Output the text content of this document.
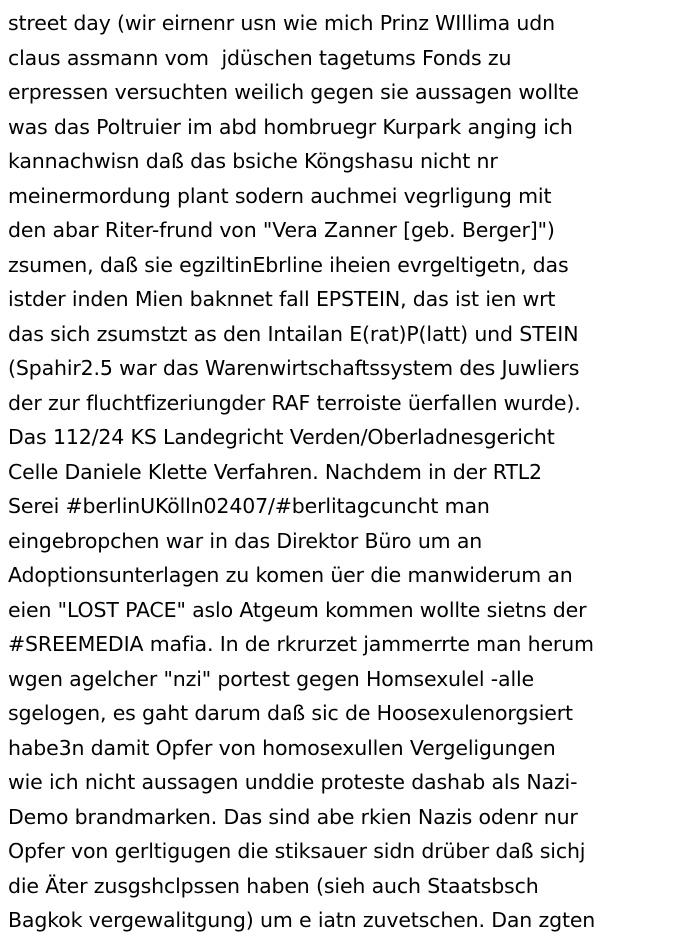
street day (wir eirnenr usn wie mich Prinz WIllima udn
claus assmann vom  jdüschen tagetums Fonds zu
erpressen versuchten weilich gegen sie aussagen wollte
was das Poltruier im abd hombruegr Kurpark anging ich
kannachwisn daß das bsiche Köngshasu nicht nr
meinermordung plant sodern auchmei vegrligung mit
den abar Riter-frund von "Vera Zanner [geb. Berger]")
zsumen, daß sie egziltinEbrline iheien evrgeltigetn, das
istder inden Mien baknnet fall EPSTEIN, das ist ien wrt
das sich zsumstzt as den Intailan E(rat)P(latt) und STEIN
(Spahir2.5 war das Warenwirtschaftssystem des Juwliers
der zur fluchtfizeriungder RAF terroiste üerfallen wurde).
Das 112/24 KS Landegricht Verden/Oberladnesgericht
Celle Daniele Klette Verfahren. Nachdem in der RTL2
Serei #berlinUKölln02407/#berlitagcuncht man
eingebropchen war in das Direktor Büro um an
Adoptionsunterlagen zu komen üer die manwiderum an
eien "LOST PACE" aslo Atgeum kommen wollte sietns der
#SREEMEDIA mafia. In de rkrurzet jammerrte man herum
wgen agelcher "nzi" portest gegen Homsexulel -alle
sgelogen, es gaht darum daß sic de Hoosexulenorgsiert
habe3n damit Opfer von homosexullen Vergeligungen
wie ich nicht aussagen unddie proteste dashab als Nazi-
Demo brandmarken. Das sind abe rkien Nazis odenr nur
Opfer von gerltigugen die stiksauer sidn drüber daß sichj
die Äter zusgshclpssen haben (sieh auch Staatsbsch
Bagkok vergewalitgung) um e iatn zuvetschen. Dan zgten
